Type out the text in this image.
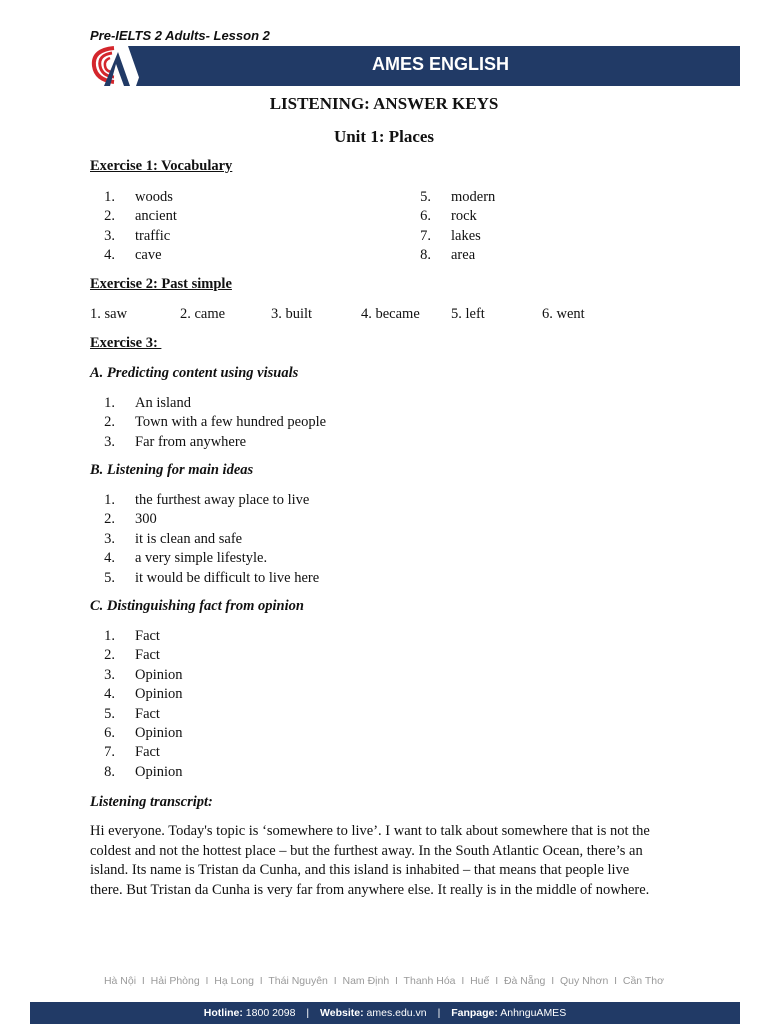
Pre-IELTS 2 Adults- Lesson 2
AMES ENGLISH
LISTENING: ANSWER KEYS
Unit 1: Places
Exercise 1: Vocabulary
1. woods
2. ancient
3. traffic
4. cave
5. modern
6. rock
7. lakes
8. area
Exercise 2: Past simple
1. saw	2. came	3. built	4. became 5. left	6. went
Exercise 3:
A. Predicting content using visuals
1. An island
2. Town with a few hundred people
3. Far from anywhere
B. Listening for main ideas
1. the furthest away place to live
2. 300
3. it is clean and safe
4. a very simple lifestyle.
5. it would be difficult to live here
C. Distinguishing fact from opinion
1. Fact
2. Fact
3. Opinion
4. Opinion
5. Fact
6. Opinion
7. Fact
8. Opinion
Listening transcript:
Hi everyone. Today's topic is ‘somewhere to live’. I want to talk about somewhere that is not the
coldest and not the hottest place – but the furthest away. In the South Atlantic Ocean, there’s an
island. Its name is Tristan da Cunha, and this island is inhabited – that means that people live
there. But Tristan da Cunha is very far from anywhere else. It really is in the middle of nowhere.
Hà Nội  I  Hải Phòng  I  Hạ Long  I  Thái Nguyên  I  Nam Định  I  Thanh Hóa  I  Huế  I  Đà Nẵng  I  Quy Nhơn  I  Cần Thơ
Hotline: 1800 2098 | Website: ames.edu.vn | Fanpage: AnhnguAMES
